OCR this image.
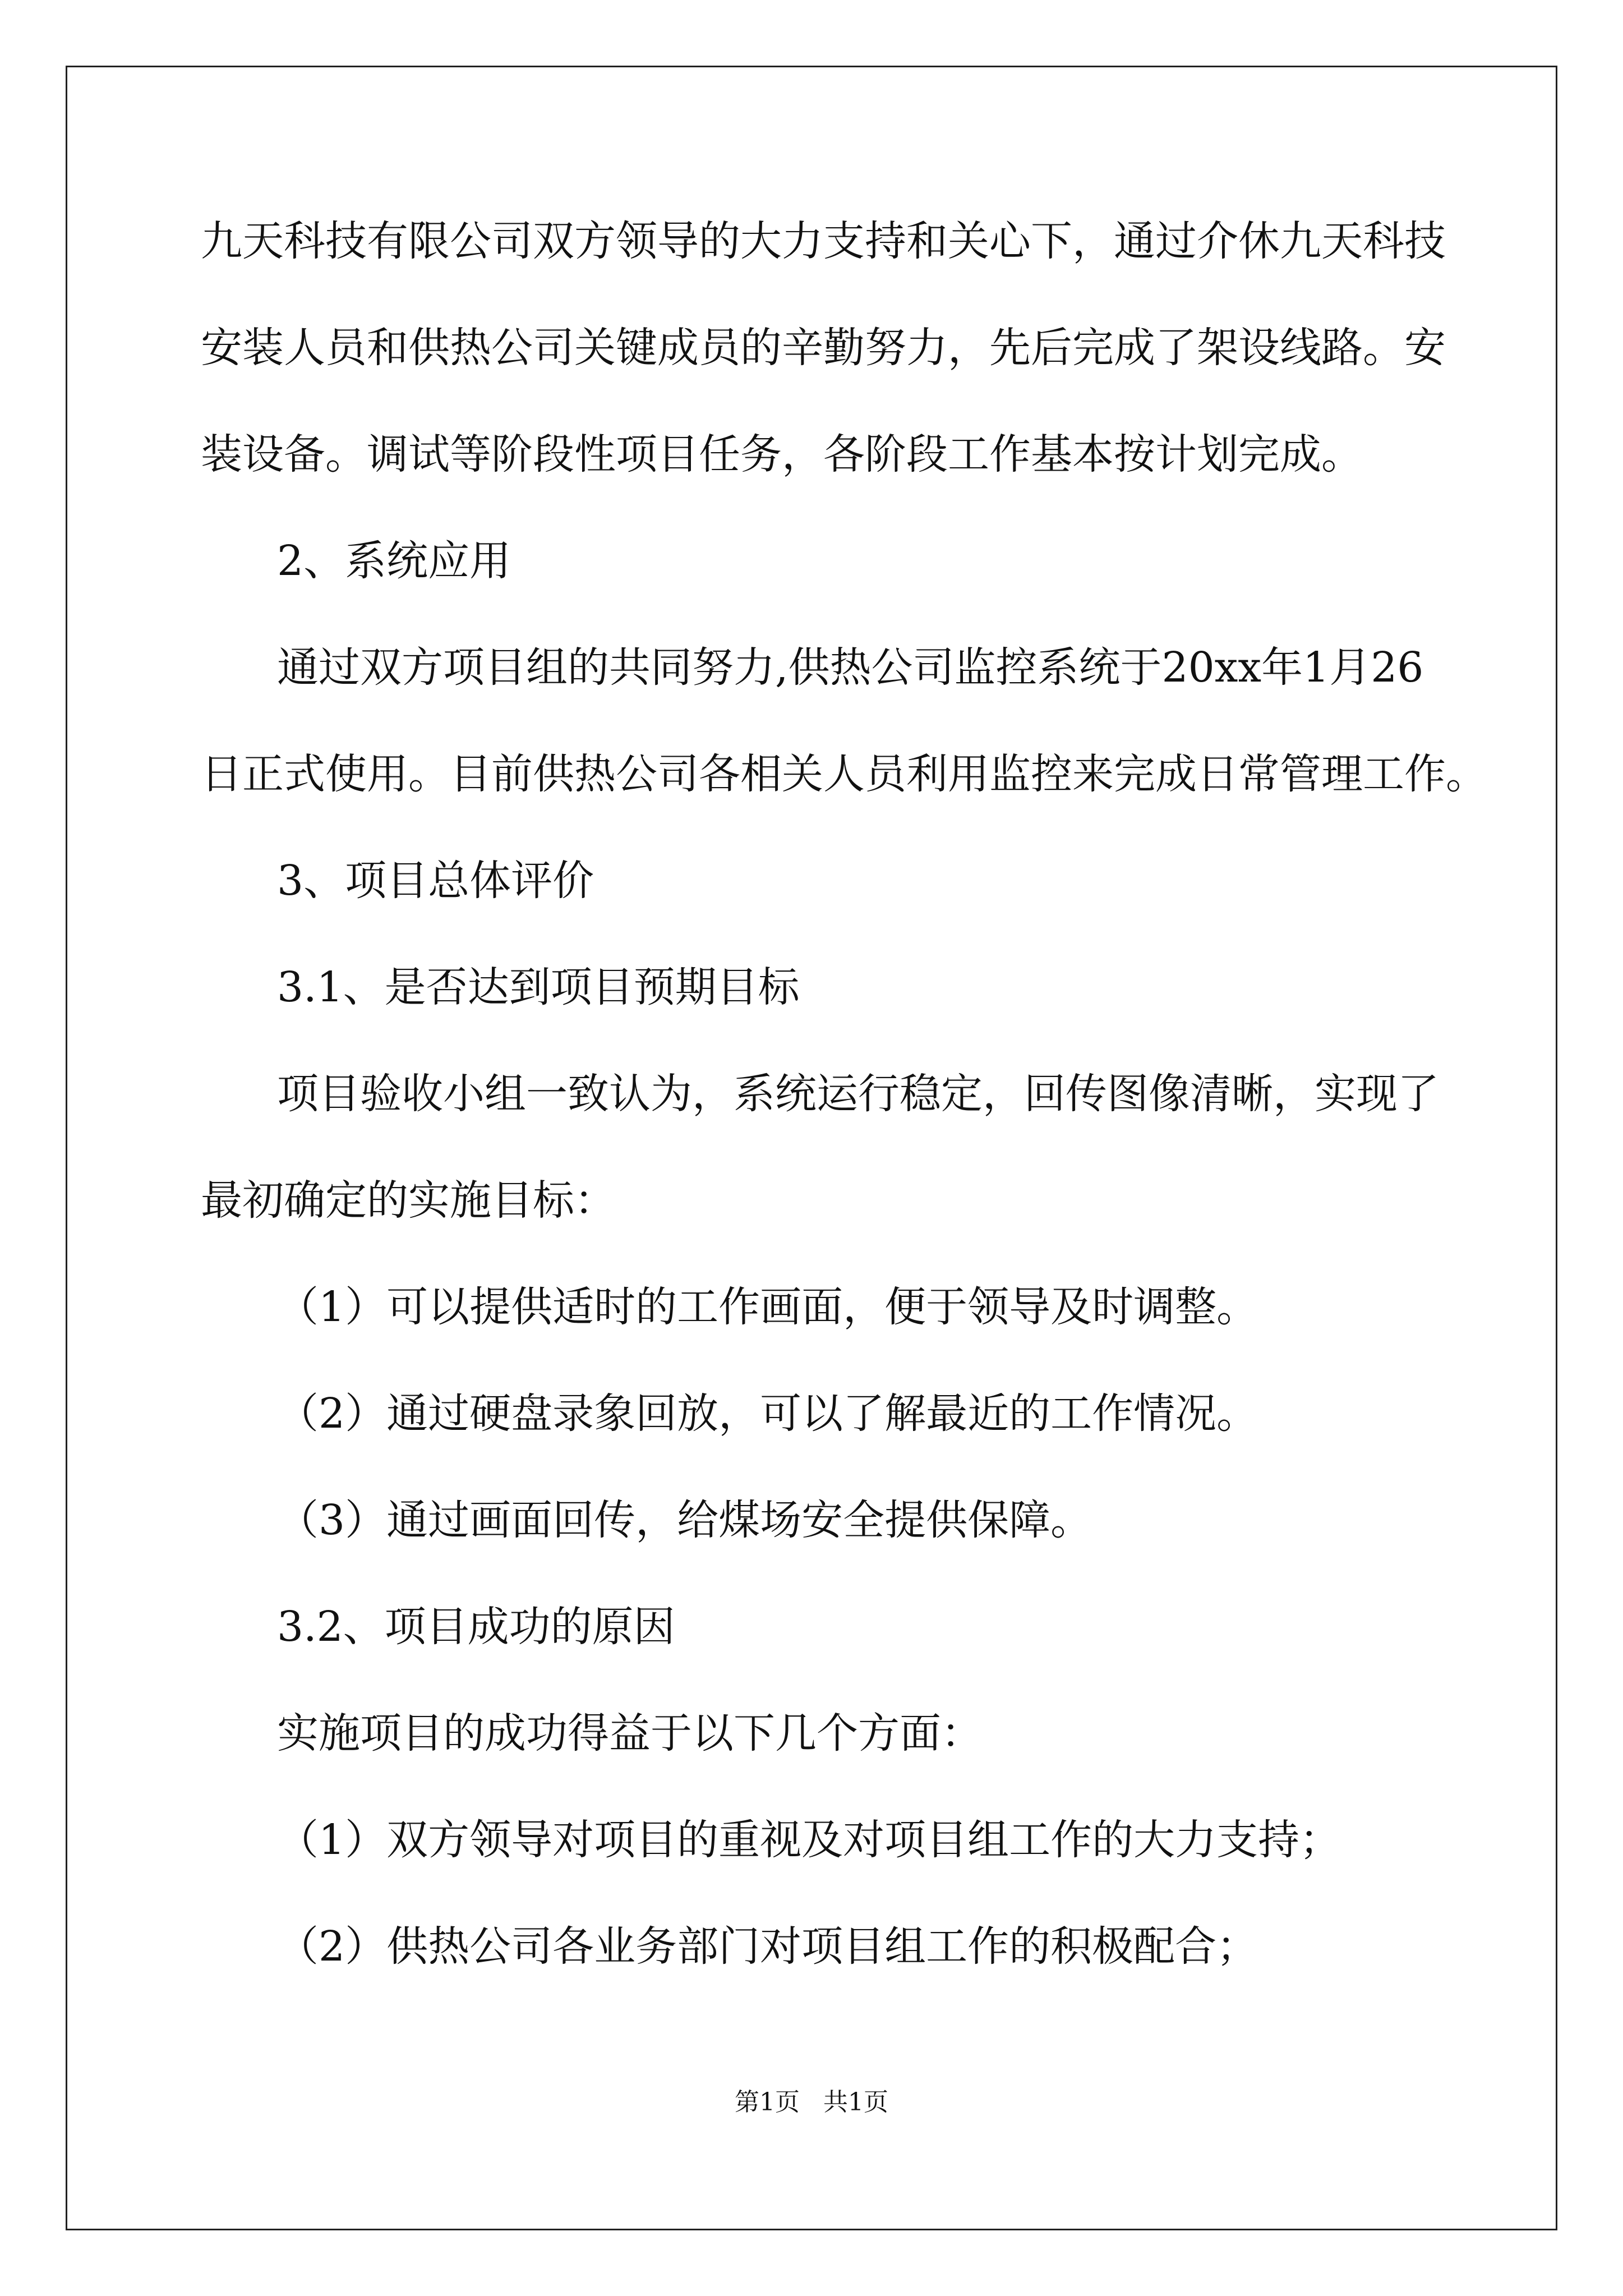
九天科技有限公司双方领导的大力支持和关心下，通过介休九天科技
安装人员和供热公司关键成员的辛勤努力，先后完成了架设线路。安
装设备。调试等阶段性项目任务，各阶段工作基本按计划完成。
2、系统应用
通过双方项目组的共同努力,供热公司监控系统于20xx年1月26
日正式使用。目前供热公司各相关人员利用监控来完成日常管理工作。
3、项目总体评价
3.1、是否达到项目预期目标
项目验收小组一致认为，系统运行稳定，回传图像清晰，实现了
最初确定的实施目标：
（1）可以提供适时的工作画面，便于领导及时调整。
（2）通过硬盘录象回放，可以了解最近的工作情况。
（3）通过画面回传，给煤场安全提供保障。
3.2、项目成功的原因
实施项目的成功得益于以下几个方面：
（1）双方领导对项目的重视及对项目组工作的大力支持；
（2）供热公司各业务部门对项目组工作的积极配合；
第1页   共1页
